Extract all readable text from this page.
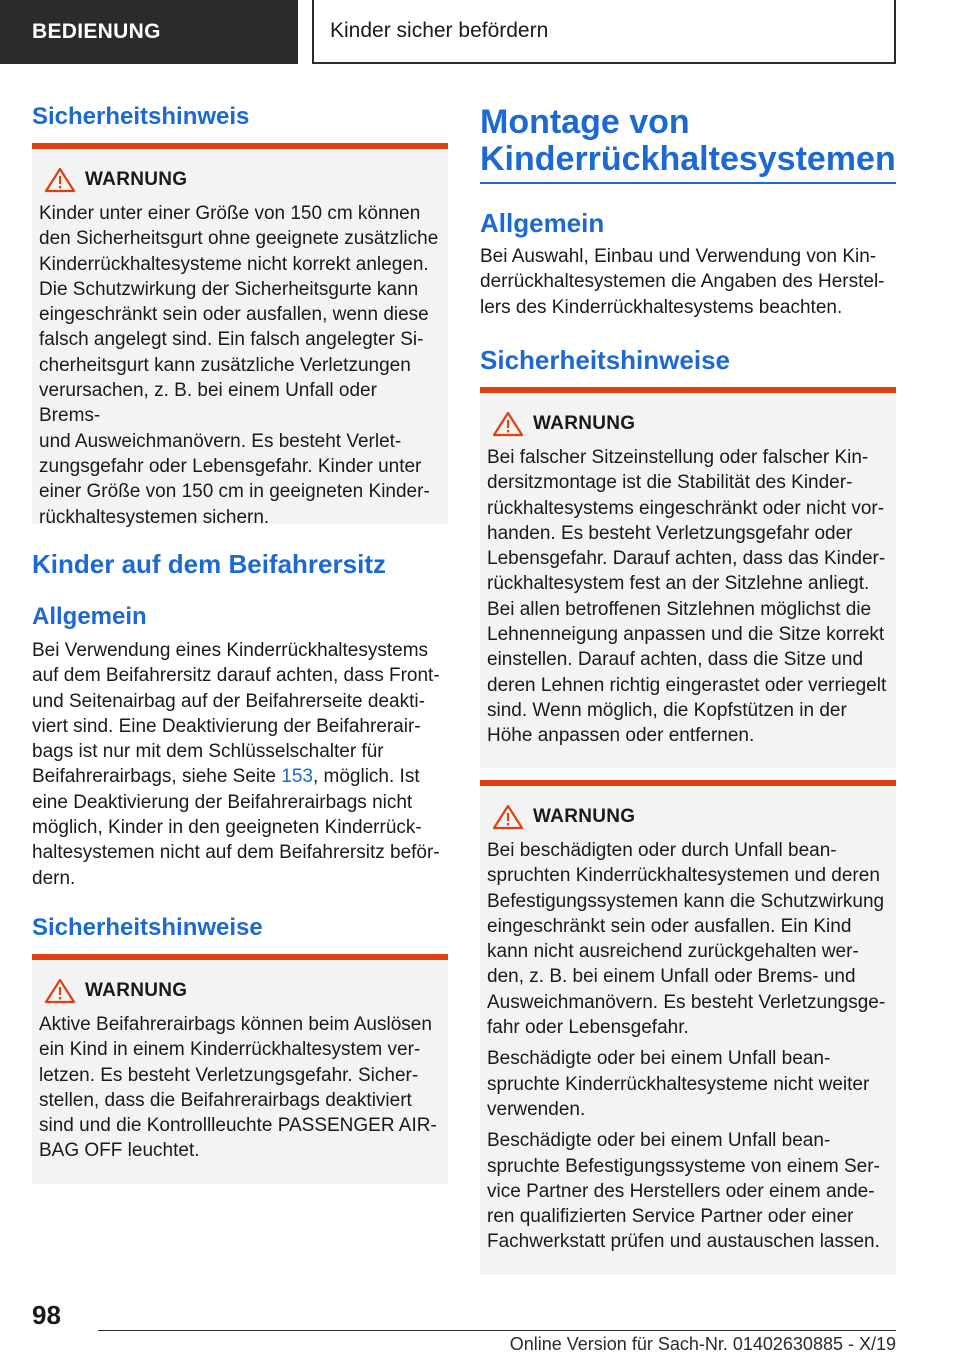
BEDIENUNG	Kinder sicher befördern
Sicherheitshinweis
WARNUNG

Kinder unter einer Größe von 150 cm können
den Sicherheitsgurt ohne geeignete zusätzliche
Kinderrückhaltesysteme nicht korrekt anlegen.
Die Schutzwirkung der Sicherheitsgurte kann
eingeschränkt sein oder ausfallen, wenn diese
falsch angelegt sind. Ein falsch angelegter Si-
cherheitsgurt kann zusätzliche Verletzungen
verursachen, z. B. bei einem Unfall oder Brems-
und Ausweichmanövern. Es besteht Verlet-
zungsgefahr oder Lebensgefahr. Kinder unter
einer Größe von 150 cm in geeigneten Kinder-
rückhaltesystemen sichern.

Kinder auf dem Beifahrersitz
Allgemein

Bei Verwendung eines Kinderrückhaltesystems
auf dem Beifahrersitz darauf achten, dass Front-
und Seitenairbag auf der Beifahrerseite deakti-
viert sind. Eine Deaktivierung der Beifahrerair-
bags ist nur mit dem Schlüsselschalter für
Beifahrerairbags, siehe Seite 153, möglich. Ist
eine Deaktivierung der Beifahrerairbags nicht
möglich, Kinder in den geeigneten Kinderrück-
haltesystemen nicht auf dem Beifahrersitz beför-
dern.

Sicherheitshinweise
WARNUNG

Aktive Beifahrerairbags können beim Auslösen
ein Kind in einem Kinderrückhaltesystem ver-
letzen. Es besteht Verletzungsgefahr. Sicher-
stellen, dass die Beifahrerairbags deaktiviert
sind und die Kontrollleuchte PASSENGER AIR-
BAG OFF leuchtet.

Montage von
Kinderrückhaltesystemen
Allgemein

Bei Auswahl, Einbau und Verwendung von Kin-
derrückhaltesystemen die Angaben des Herstel-
lers des Kinderrückhaltesystems beachten.

Sicherheitshinweise
WARNUNG

Bei falscher Sitzeinstellung oder falscher Kin-
dersitzmontage ist die Stabilität des Kinder-
rückhaltesystems eingeschränkt oder nicht vor-
handen. Es besteht Verletzungsgefahr oder
Lebensgefahr. Darauf achten, dass das Kinder-
rückhaltesystem fest an der Sitzlehne anliegt.
Bei allen betroffenen Sitzlehnen möglichst die
Lehnenneigung anpassen und die Sitze korrekt
einstellen. Darauf achten, dass die Sitze und
deren Lehnen richtig eingerastet oder verriegelt
sind. Wenn möglich, die Kopfstützen in der
Höhe anpassen oder entfernen.

WARNUNG

Bei beschädigten oder durch Unfall bean-
spruchten Kinderrückhaltesystemen und deren
Befestigungssystemen kann die Schutzwirkung
eingeschränkt sein oder ausfallen. Ein Kind
kann nicht ausreichend zurückgehalten wer-
den, z. B. bei einem Unfall oder Brems- und
Ausweichmanövern. Es besteht Verletzungsge-
fahr oder Lebensgefahr.

Beschädigte oder bei einem Unfall bean-
spruchte Kinderrückhaltesysteme nicht weiter
verwenden.

Beschädigte oder bei einem Unfall bean-
spruchte Befestigungssysteme von einem Ser-
vice Partner des Herstellers oder einem ande-
ren qualifizierten Service Partner oder einer
Fachwerkstatt prüfen und austauschen lassen.

98
Online Version für Sach-Nr. 01402630885 - X/19
